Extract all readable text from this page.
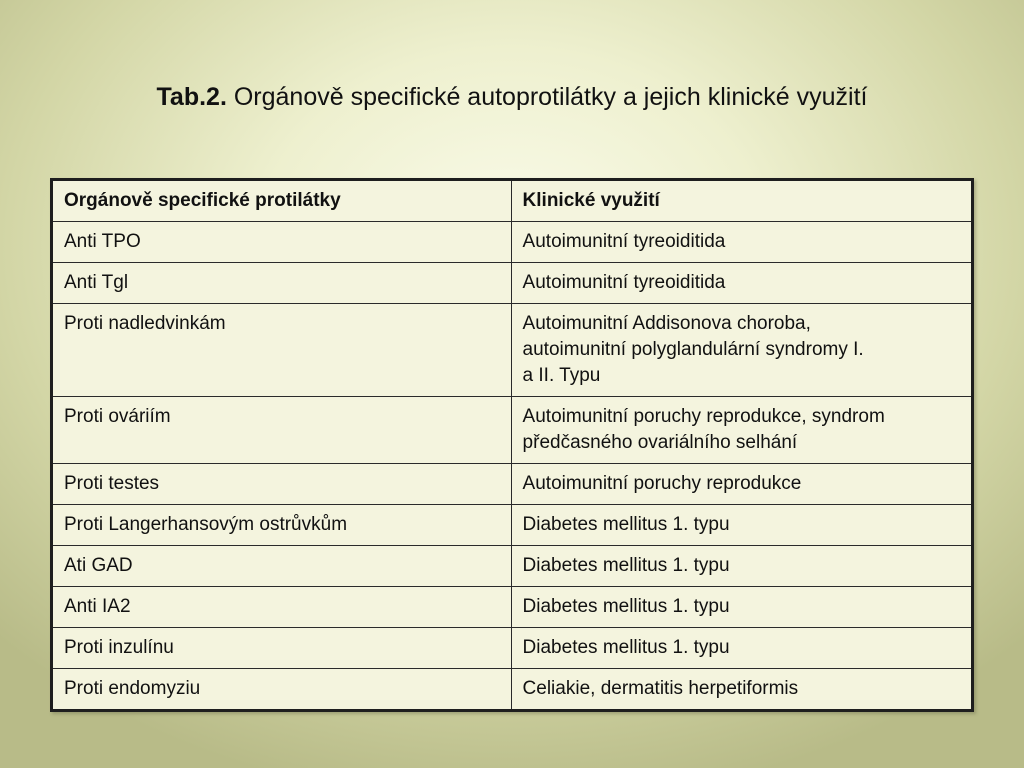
Tab.2. Orgánově specifické autoprotilátky a jejich klinické využití
Orgánově specifické protilátky	Klinické využití
Anti TPO	Autoimunitní tyreoiditida
Anti Tgl	Autoimunitní tyreoiditida
Proti nadledvinkám	Autoimunitní Addisonova choroba,
autoimunitní polyglandulární syndromy I.
a II. Typu
Proti ováriím	Autoimunitní poruchy reprodukce, syndrom
předčasného ovariálního selhání
Proti testes	Autoimunitní poruchy reprodukce
Proti Langerhansovým ostrůvkům	Diabetes mellitus 1. typu
Ati GAD	Diabetes mellitus 1. typu
Anti IA2	Diabetes mellitus 1. typu
Proti inzulínu	Diabetes mellitus 1. typu
Proti endomyziu	Celiakie, dermatitis herpetiformis
